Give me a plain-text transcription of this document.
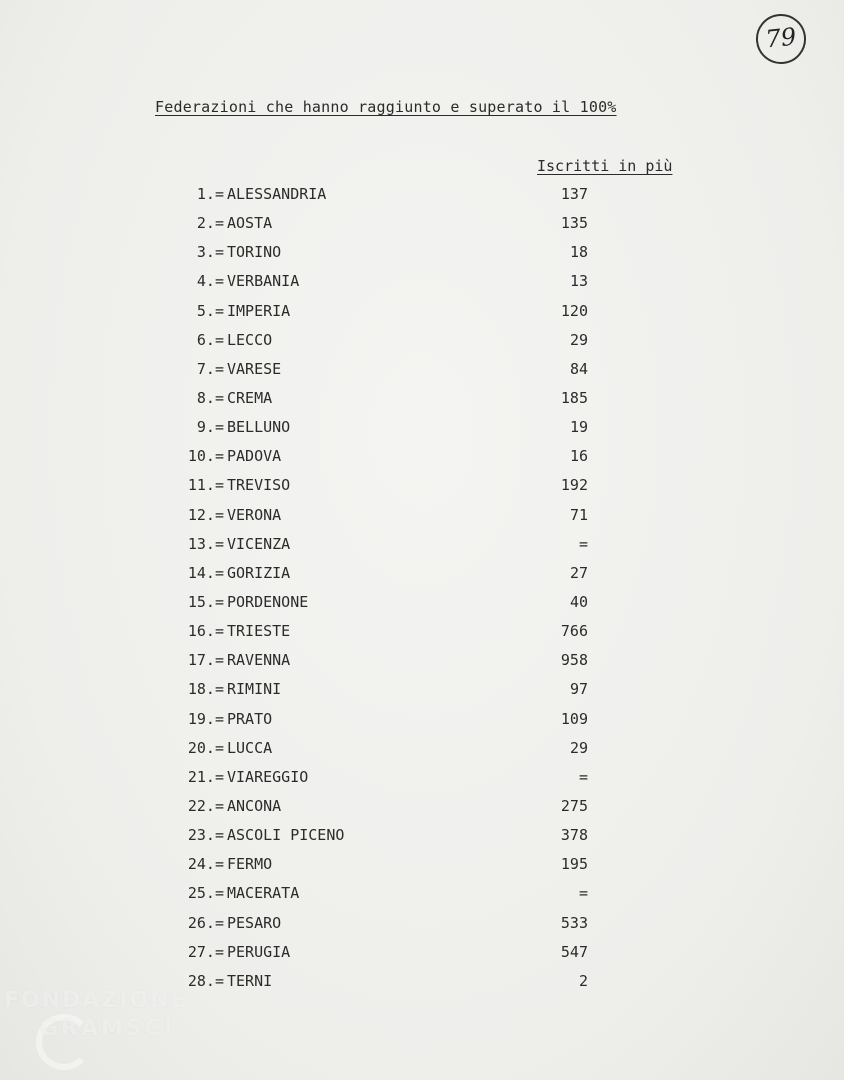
79
Federazioni che hanno raggiunto e superato il 100%
Iscritti in più
1.= ALESSANDRIA	137
2.= AOSTA	135
3.= TORINO	18
4.= VERBANIA	13
5.= IMPERIA	120
6.= LECCO	29
7.= VARESE	84
8.= CREMA	185
9.= BELLUNO	19
10.= PADOVA	16
11.= TREVISO	192
12.= VERONA	71
13.= VICENZA	=
14.= GORIZIA	27
15.= PORDENONE	40
16.= TRIESTE	766
17.= RAVENNA	958
18.= RIMINI	97
19.= PRATO	109
20.= LUCCA	29
21.= VIAREGGIO	=
22.= ANCONA	275
23.= ASCOLI PICENO	378
24.= FERMO	195
25.= MACERATA	=
26.= PESARO	533
27.= PERUGIA	547
28.= TERNI	2
FONDAZIONE
GRAMSCI
